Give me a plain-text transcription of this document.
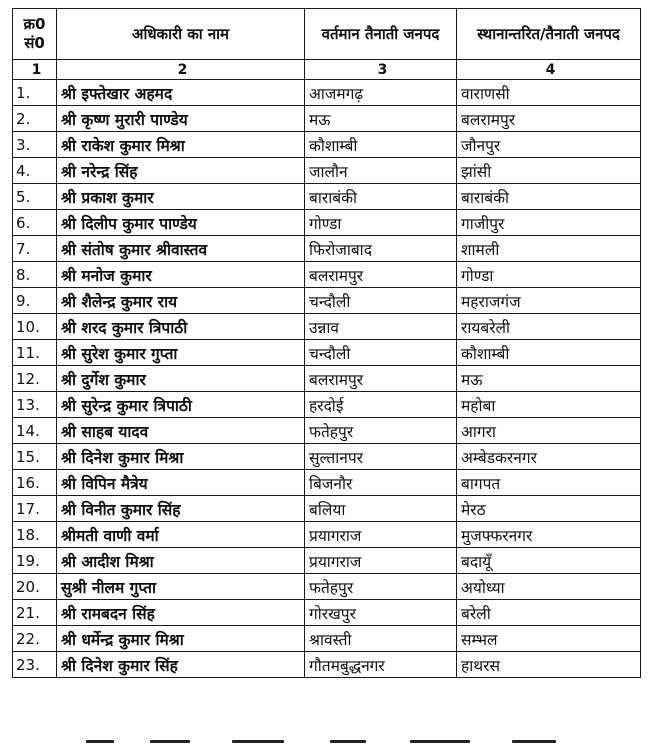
क्र0 सं0	अधिकारी का नाम	वर्तमान तैनाती जनपद	स्थानान्तरित/तैनाती जनपद
1	2	3	4
1.	श्री इफ्तेखार अहमद	आजमगढ़	वाराणसी
2.	श्री कृष्ण मुरारी पाण्डेय	मऊ	बलरामपुर
3.	श्री राकेश कुमार मिश्रा	कौशाम्बी	जौनपुर
4.	श्री नरेन्द्र सिंह	जालौन	झांसी
5.	श्री प्रकाश कुमार	बाराबंकी	बाराबंकी
6.	श्री दिलीप कुमार पाण्डेय	गोण्डा	गाजीपुर
7.	श्री संतोष कुमार श्रीवास्तव	फिरोजाबाद	शामली
8.	श्री मनोज कुमार	बलरामपुर	गोण्डा
9.	श्री शैलेन्द्र कुमार राय	चन्दौली	महराजगंज
10.	श्री शरद कुमार त्रिपाठी	उन्नाव	रायबरेली
11.	श्री सुरेश कुमार गुप्ता	चन्दौली	कौशाम्बी
12.	श्री दुर्गेश कुमार	बलरामपुर	मऊ
13.	श्री सुरेन्द्र कुमार त्रिपाठी	हरदोई	महोबा
14.	श्री साहब यादव	फतेहपुर	आगरा
15.	श्री दिनेश कुमार मिश्रा	सुल्तानपर	अम्बेडकरनगर
16.	श्री विपिन मैत्रेय	बिजनौर	बागपत
17.	श्री विनीत कुमार सिंह	बलिया	मेरठ
18.	श्रीमती वाणी वर्मा	प्रयागराज	मुजफ्फरनगर
19.	श्री आदीश मिश्रा	प्रयागराज	बदायूँ
20.	सुश्री नीलम गुप्ता	फतेहपुर	अयोध्या
21.	श्री रामबदन सिंह	गोरखपुर	बरेली
22.	श्री धर्मेन्द्र कुमार मिश्रा	श्रावस्ती	सम्भल
23.	श्री दिनेश कुमार सिंह	गौतमबुद्धनगर	हाथरस
